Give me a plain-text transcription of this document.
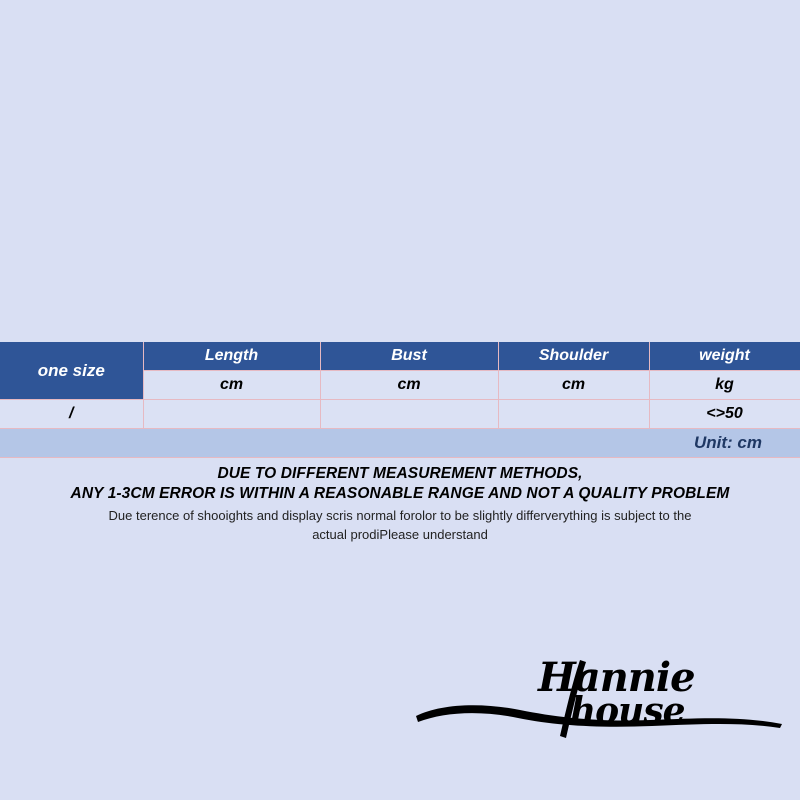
one size	Length	Bust	Shoulder	weight
	cm	cm	cm	kg
/				<>50
Unit: cm				
DUE TO DIFFERENT MEASUREMENT METHODS,
ANY 1-3CM ERROR IS WITHIN A REASONABLE RANGE AND NOT A QUALITY PROBLEM
Due terence of shooights and display scris normal forolor to be slightly differverything is subject to the actual prodiPlease understand
Hannie
house
